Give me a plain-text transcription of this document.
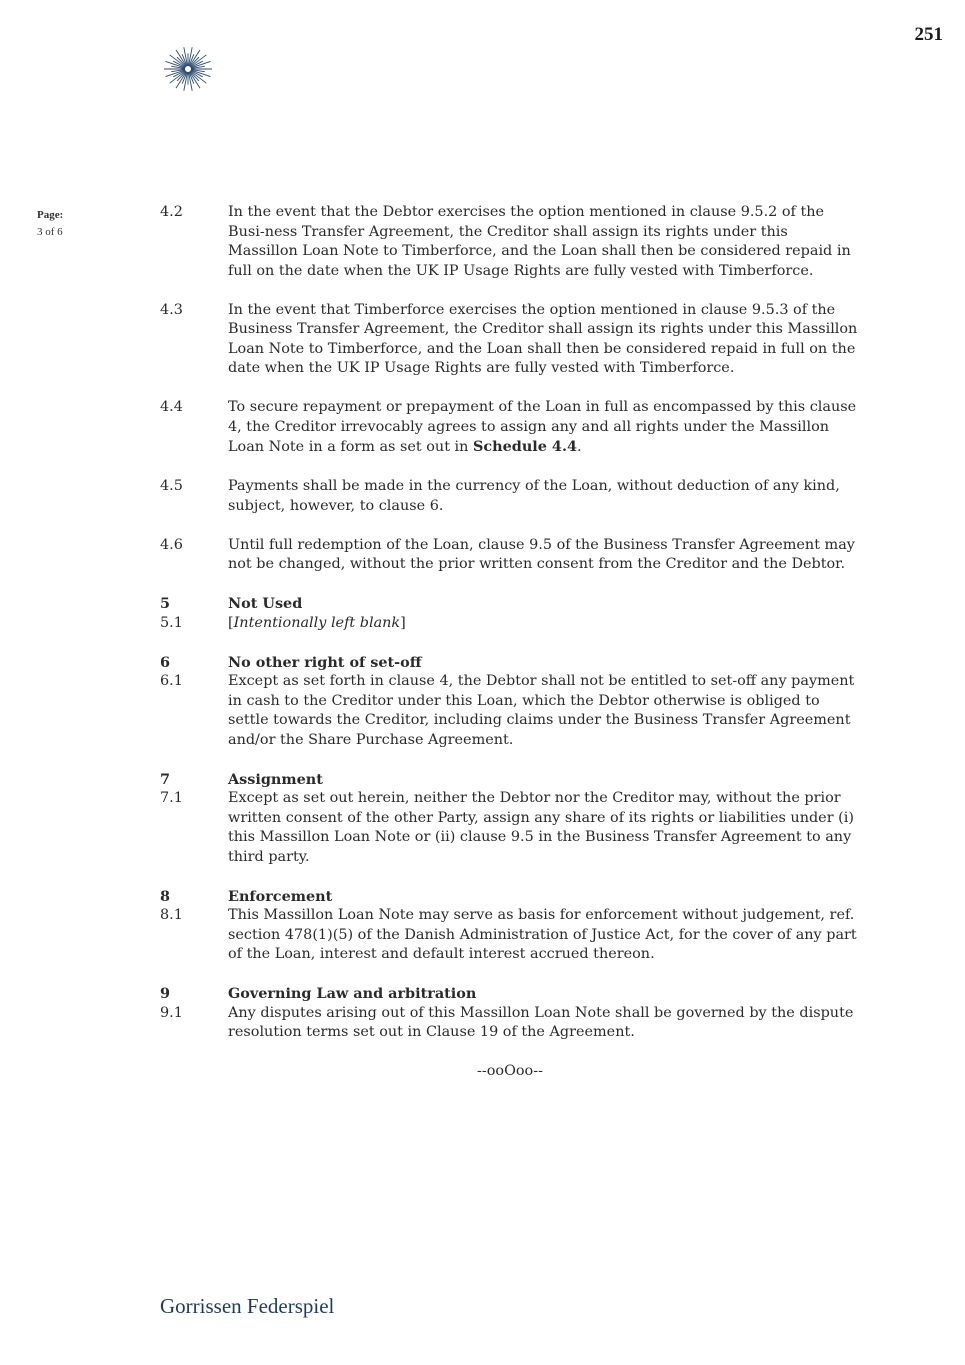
251
Page:
3 of 6
4.2	In the event that the Debtor exercises the option mentioned in clause 9.5.2 of the Busi-ness Transfer Agreement, the Creditor shall assign its rights under this Massillon Loan Note to Timberforce, and the Loan shall then be considered repaid in full on the date when the UK IP Usage Rights are fully vested with Timberforce.
4.3	In the event that Timberforce exercises the option mentioned in clause 9.5.3 of the Business Transfer Agreement, the Creditor shall assign its rights under this Massillon Loan Note to Timberforce, and the Loan shall then be considered repaid in full on the date when the UK IP Usage Rights are fully vested with Timberforce.
4.4	To secure repayment or prepayment of the Loan in full as encompassed by this clause 4, the Creditor irrevocably agrees to assign any and all rights under the Massillon Loan Note in a form as set out in Schedule 4.4.
4.5	Payments shall be made in the currency of the Loan, without deduction of any kind, subject, however, to clause 6.
4.6	Until full redemption of the Loan, clause 9.5 of the Business Transfer Agreement may not be changed, without the prior written consent from the Creditor and the Debtor.
5	Not Used
5.1	[Intentionally left blank]
6	No other right of set-off
6.1	Except as set forth in clause 4, the Debtor shall not be entitled to set-off any payment in cash to the Creditor under this Loan, which the Debtor otherwise is obliged to settle towards the Creditor, including claims under the Business Transfer Agreement and/or the Share Purchase Agreement.
7	Assignment
7.1	Except as set out herein, neither the Debtor nor the Creditor may, without the prior written consent of the other Party, assign any share of its rights or liabilities under (i) this Massillon Loan Note or (ii) clause 9.5 in the Business Transfer Agreement to any third party.
8	Enforcement
8.1	This Massillon Loan Note may serve as basis for enforcement without judgement, ref. section 478(1)(5) of the Danish Administration of Justice Act, for the cover of any part of the Loan, interest and default interest accrued thereon.
9	Governing Law and arbitration
9.1	Any disputes arising out of this Massillon Loan Note shall be governed by the dispute resolution terms set out in Clause 19 of the Agreement.
--ooOoo--
Gorrissen Federspiel
